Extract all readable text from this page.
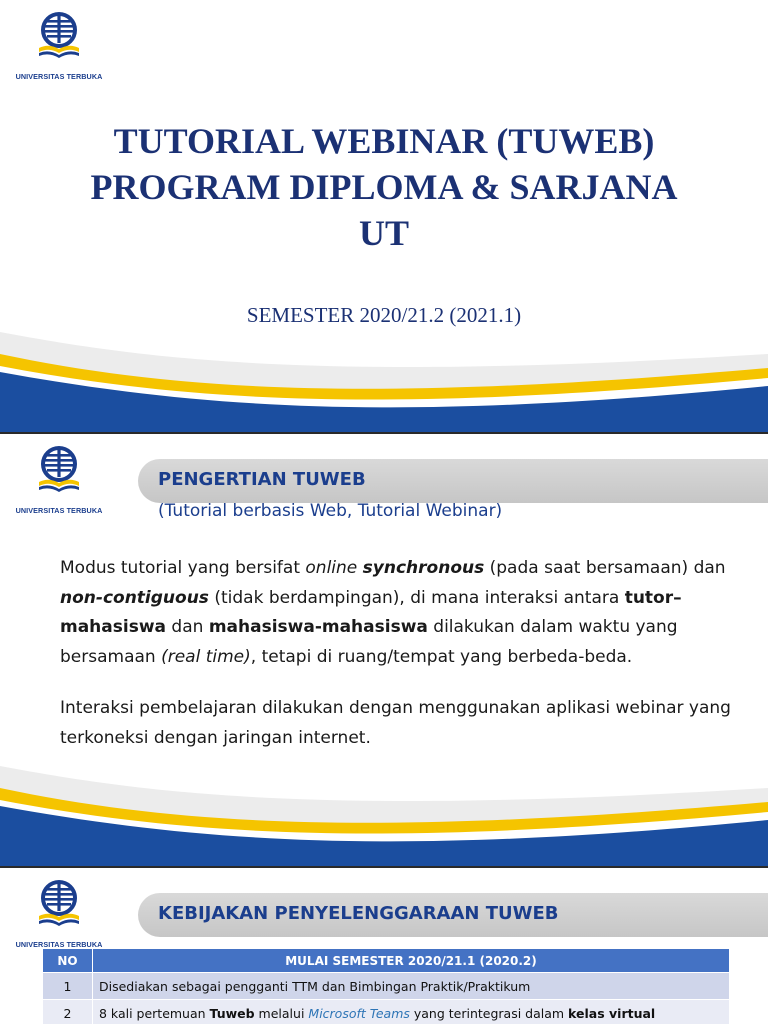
UNIVERSITAS TERBUKA
TUTORIAL WEBINAR (TUWEB)
PROGRAM DIPLOMA & SARJANA
UT
SEMESTER 2020/21.2 (2021.1)
UNIVERSITAS TERBUKA
PENGERTIAN TUWEB
(Tutorial berbasis Web, Tutorial Webinar)

Modus tutorial yang bersifat online synchronous (pada saat bersamaan) dan non-contiguous (tidak berdampingan), di mana interaksi antara tutor–mahasiswa dan mahasiswa-mahasiswa dilakukan dalam waktu yang bersamaan (real time), tetapi di ruang/tempat yang berbeda-beda.

Interaksi pembelajaran dilakukan dengan menggunakan aplikasi webinar yang terkoneksi dengan jaringan internet.

UNIVERSITAS TERBUKA
KEBIJAKAN PENYELENGGARAAN TUWEB
NO	MULAI SEMESTER 2020/21.1 (2020.2)
1	Disediakan sebagai pengganti TTM dan Bimbingan Praktik/Praktikum
2	8 kali pertemuan Tuweb melalui Microsoft Teams yang terintegrasi dalam kelas virtual
